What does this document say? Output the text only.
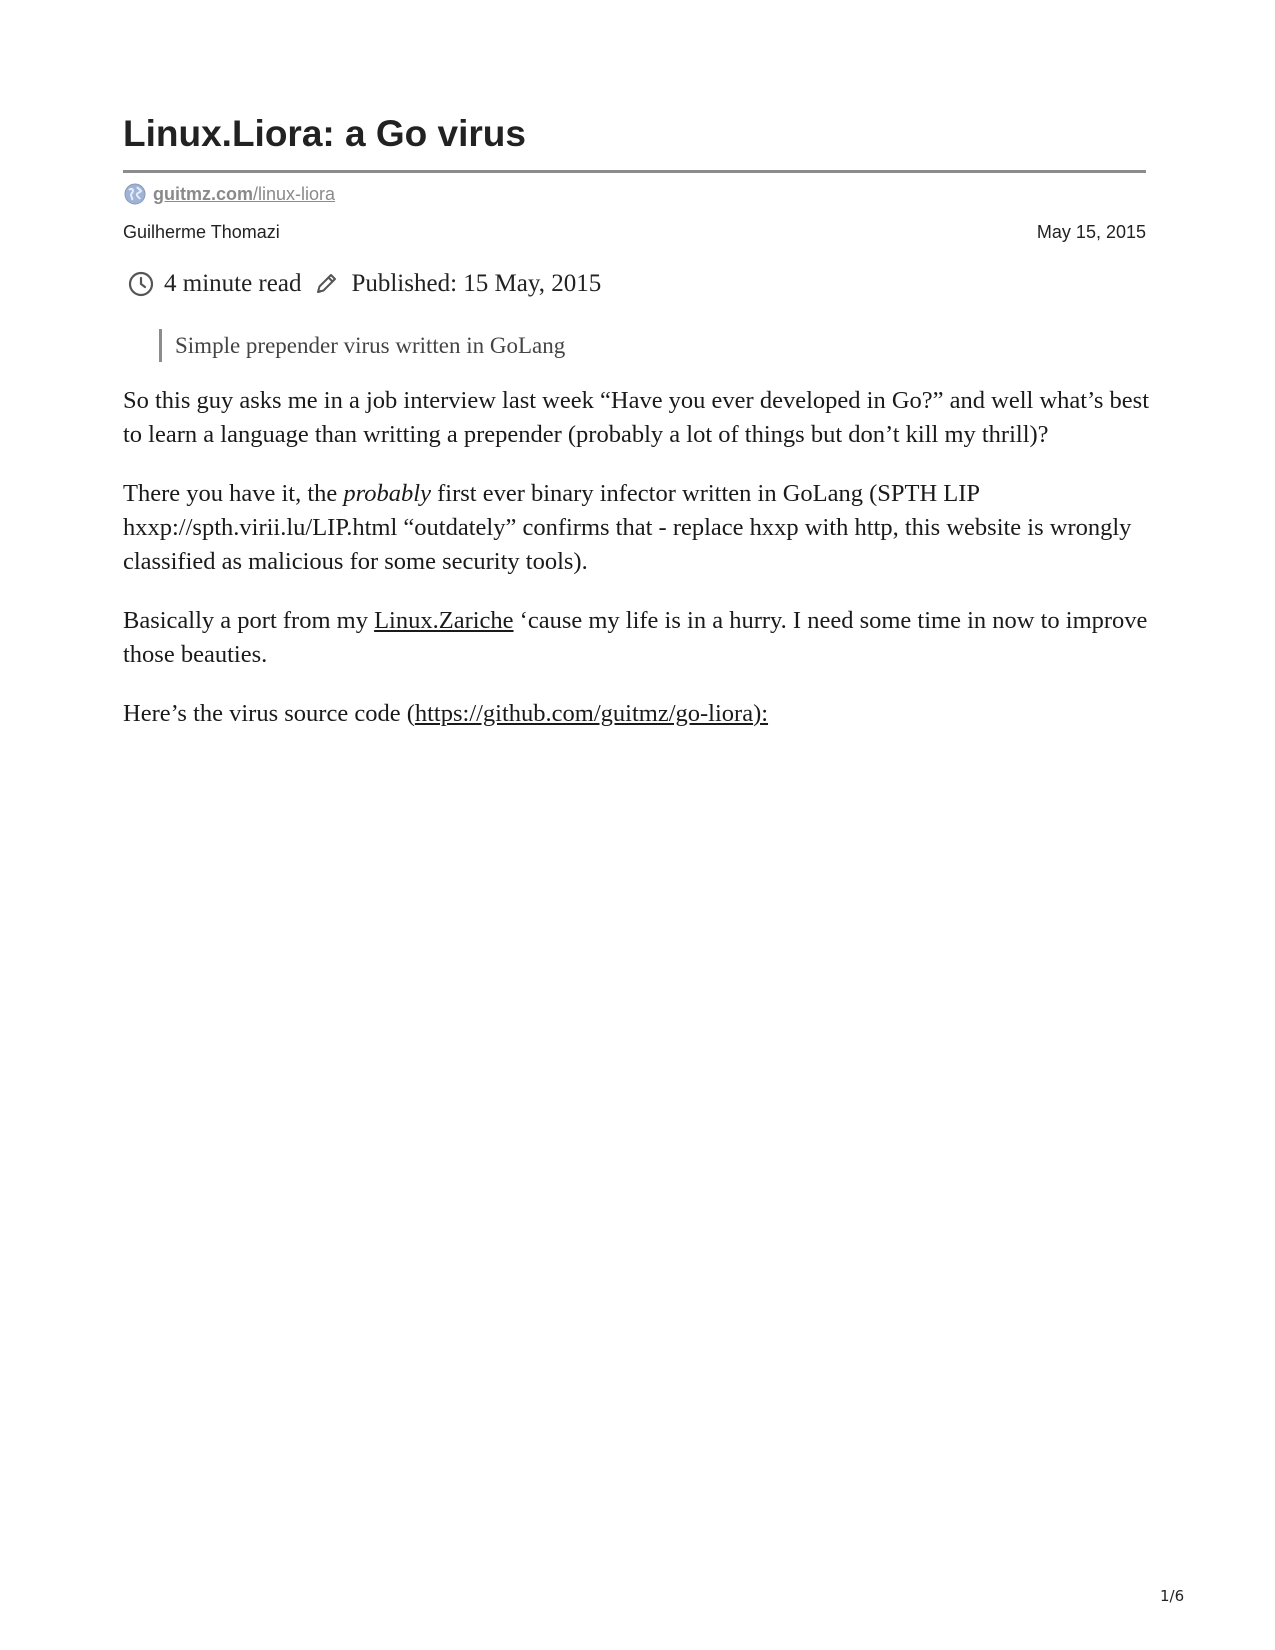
Linux.Liora: a Go virus
guitmz.com /linux-liora
Guilherme Thomazi	May 15, 2015
4 minute read Published: 15 May, 2015
Simple prepender virus written in GoLang

So this guy asks me in a job interview last week “Have you ever developed in Go?” and well what’s best to learn a language than writting a prepender (probably a lot of things but don’t kill my thrill)?

There you have it, the probably first ever binary infector written in GoLang (SPTH LIP hxxp://spth.virii.lu/LIP.html “outdately” confirms that - replace hxxp with http, this website is wrongly classified as malicious for some security tools).

Basically a port from my Linux.Zariche ‘cause my life is in a hurry. I need some time in now to improve those beauties.

Here’s the virus source code (https://github.com/guitmz/go-liora):

1/6
